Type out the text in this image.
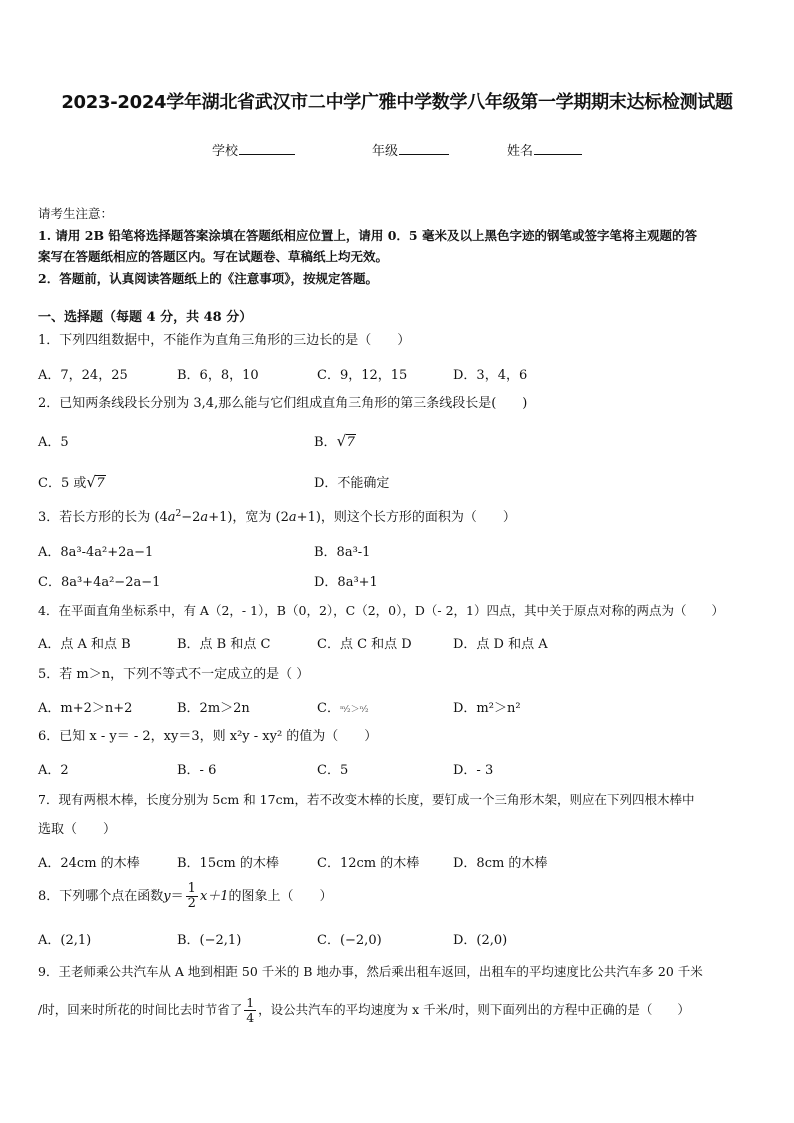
2023-2024学年湖北省武汉市二中学广雅中学数学八年级第一学期期末达标检测试题
学校	年级	姓名
请考生注意：
1. 请用 2B 铅笔将选择题答案涂填在答题纸相应位置上，请用 0．5 毫米及以上黑色字迹的钢笔或签字笔将主观题的答
案写在答题纸相应的答题区内。写在试题卷、草稿纸上均无效。
2．答题前，认真阅读答题纸上的《注意事项》，按规定答题。
一、选择题（每题 4 分，共 48 分）
1．下列四组数据中，不能作为直角三角形的三边长的是（　　）
A．7，24，25	B．6，8，10	C．9，12，15	D．3，4，6
2．已知两条线段长分别为 3,4,那么能与它们组成直角三角形的第三条线段长是(　　)
A．5	B． √ 7
C．5 或 √ 7	D．不能确定
3．若长方形的长为 $(4a^2-2a+1)$，宽为 (2a+1)，则这个长方形的面积为（　　）
A．8a³-4a²+2a−1	B．8a³-1
C．8a³+4a²−2a−1	D．8a³+1
4．在平面直角坐标系中，有 A（2，- 1），B（0，2），C（2，0），D（- 2，1）四点，其中关于原点对称的两点为（　　）
A．点 A 和点 B	B．点 B 和点 C	C．点 C 和点 D	D．点 D 和点 A
5．若 m＞n，下列不等式不一定成立的是（ ）
A．m+2＞n+2	B．2m＞2n	C．ᵐ⁄₂＞ⁿ⁄₂	D．m²＞n²
6．已知 x - y＝ - 2，xy＝3，则 x²y - xy² 的值为（　　）
A．2	B．- 6	C．5	D．- 3
7．现有两根木棒，长度分别为 5cm 和 17cm，若不改变木棒的长度，要钉成一个三角形木架，则应在下列四根木棒中
选取（　　）
A．24cm 的木棒	B．15cm 的木棒	C．12cm 的木棒	D．8cm 的木棒
8．下列哪个点在函数$y= \frac{1}{2} x+1$的图象上（　　）
A．(2,1)	B．(−2,1)	C．(−2,0)	D．(2,0)
9．王老师乘公共汽车从 A 地到相距 50 千米的 B 地办事，然后乘出租车返回，出租车的平均速度比公共汽车多 20 千米
/时，回来时所花的时间比去时节省了 $\frac{1}{4}$ ，设公共汽车的平均速度为 x 千米/时，则下面列出的方程中正确的是（　　）
